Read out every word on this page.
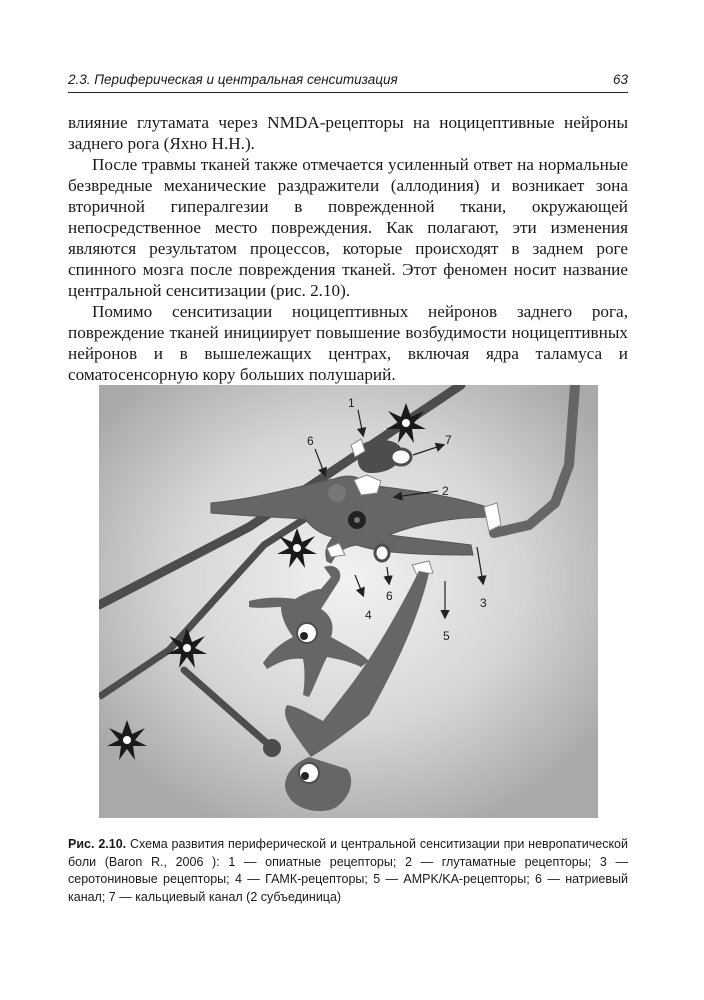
2.3. Периферическая и центральная сенситизация	63

влияние глутамата через NMDA-рецепторы на ноцицептивные нейроны заднего рога (Яхно Н.Н.).

После травмы тканей также отмечается усиленный ответ на нормальные безвредные механические раздражители (аллодиния) и возникает зона вторичной гипералгезии в поврежденной ткани, окружающей непосредственное место повреждения. Как полагают, эти изменения являются результатом процессов, которые происходят в заднем роге спинного мозга после повреждения тканей. Этот феномен носит название центральной сенситизации (рис. 2.10).

Помимо сенситизации ноцицептивных нейронов заднего рога, повреждение тканей инициирует повышение возбудимости ноцицептивных нейронов и в вышележащих центрах, включая ядра таламуса и соматосенсорную кору больших полушарий.

1
2
3
4
5
6
6
7
Рис. 2.10. Схема развития периферической и центральной сенситизации при невропатической боли (Baron R., 2006 ): 1 — опиатные рецепторы; 2 — глутаматные рецепторы; 3 — серотониновые рецепторы; 4 — ГАМК-рецепторы; 5 — AMPK/KA-рецепторы; 6 — натриевый канал; 7 — кальциевый канал (2 субъединица)
